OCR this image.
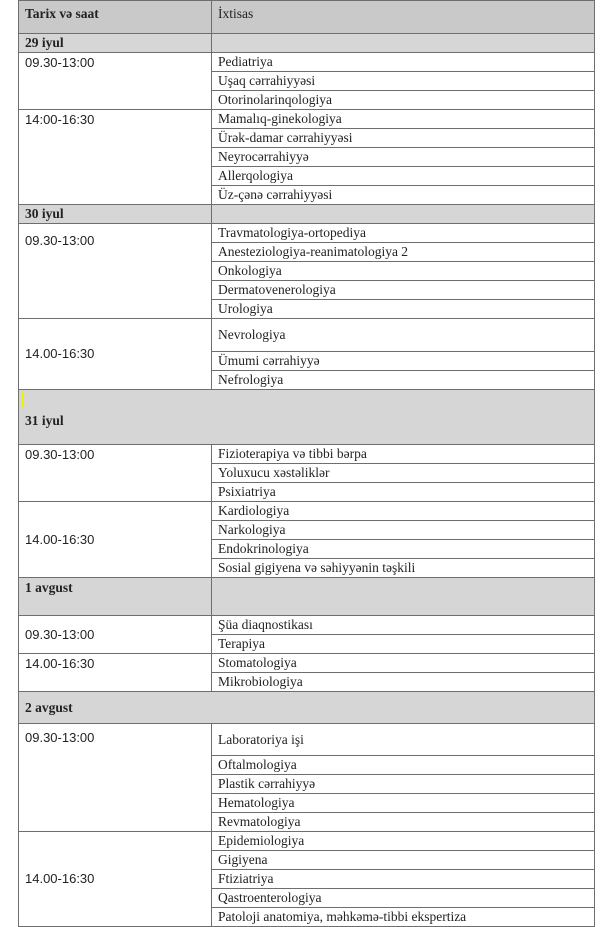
Tarix və saat	İxtisas
29 iyul	
09.30-13:00	Pediatriya
	Uşaq cərrahiyyəsi
	Otorinolarinqologiya
14:00-16:30	Mamalıq-ginekologiya
	Ürək-damar cərrahiyyəsi
	Neyrocərrahiyyə
	Allerqologiya
	Üz-çənə cərrahiyyəsi
30 iyul	
09.30-13:00	Travmatologiya-ortopediya
	Anesteziologiya-reanimatologiya 2
	Onkologiya
	Dermatovenerologiya
	Urologiya
14.00-16:30	Nevrologiya
	Ümumi cərrahiyyə
	Nefrologiya

31 iyul	
09.30-13:00	Fizioterapiya və tibbi bərpa
	Yoluxucu xəstəliklər
	Psixiatriya
14.00-16:30	Kardiologiya
	Narkologiya
	Endokrinologiya
	Sosial gigiyena və səhiyyənin təşkili
1 avgust	
09.30-13:00	Şüa diaqnostikası
	Terapiya
14.00-16:30	Stomatologiya
	Mikrobiologiya
2 avgust	
09.30-13:00	Laboratoriya işi
	Oftalmologiya
	Plastik cərrahiyyə
	Hematologiya
	Revmatologiya
14.00-16:30	Epidemiologiya
	Gigiyena
	Ftiziatriya
	Qastroenterologiya
	Patoloji anatomiya, məhkəmə-tibbi ekspertiza
